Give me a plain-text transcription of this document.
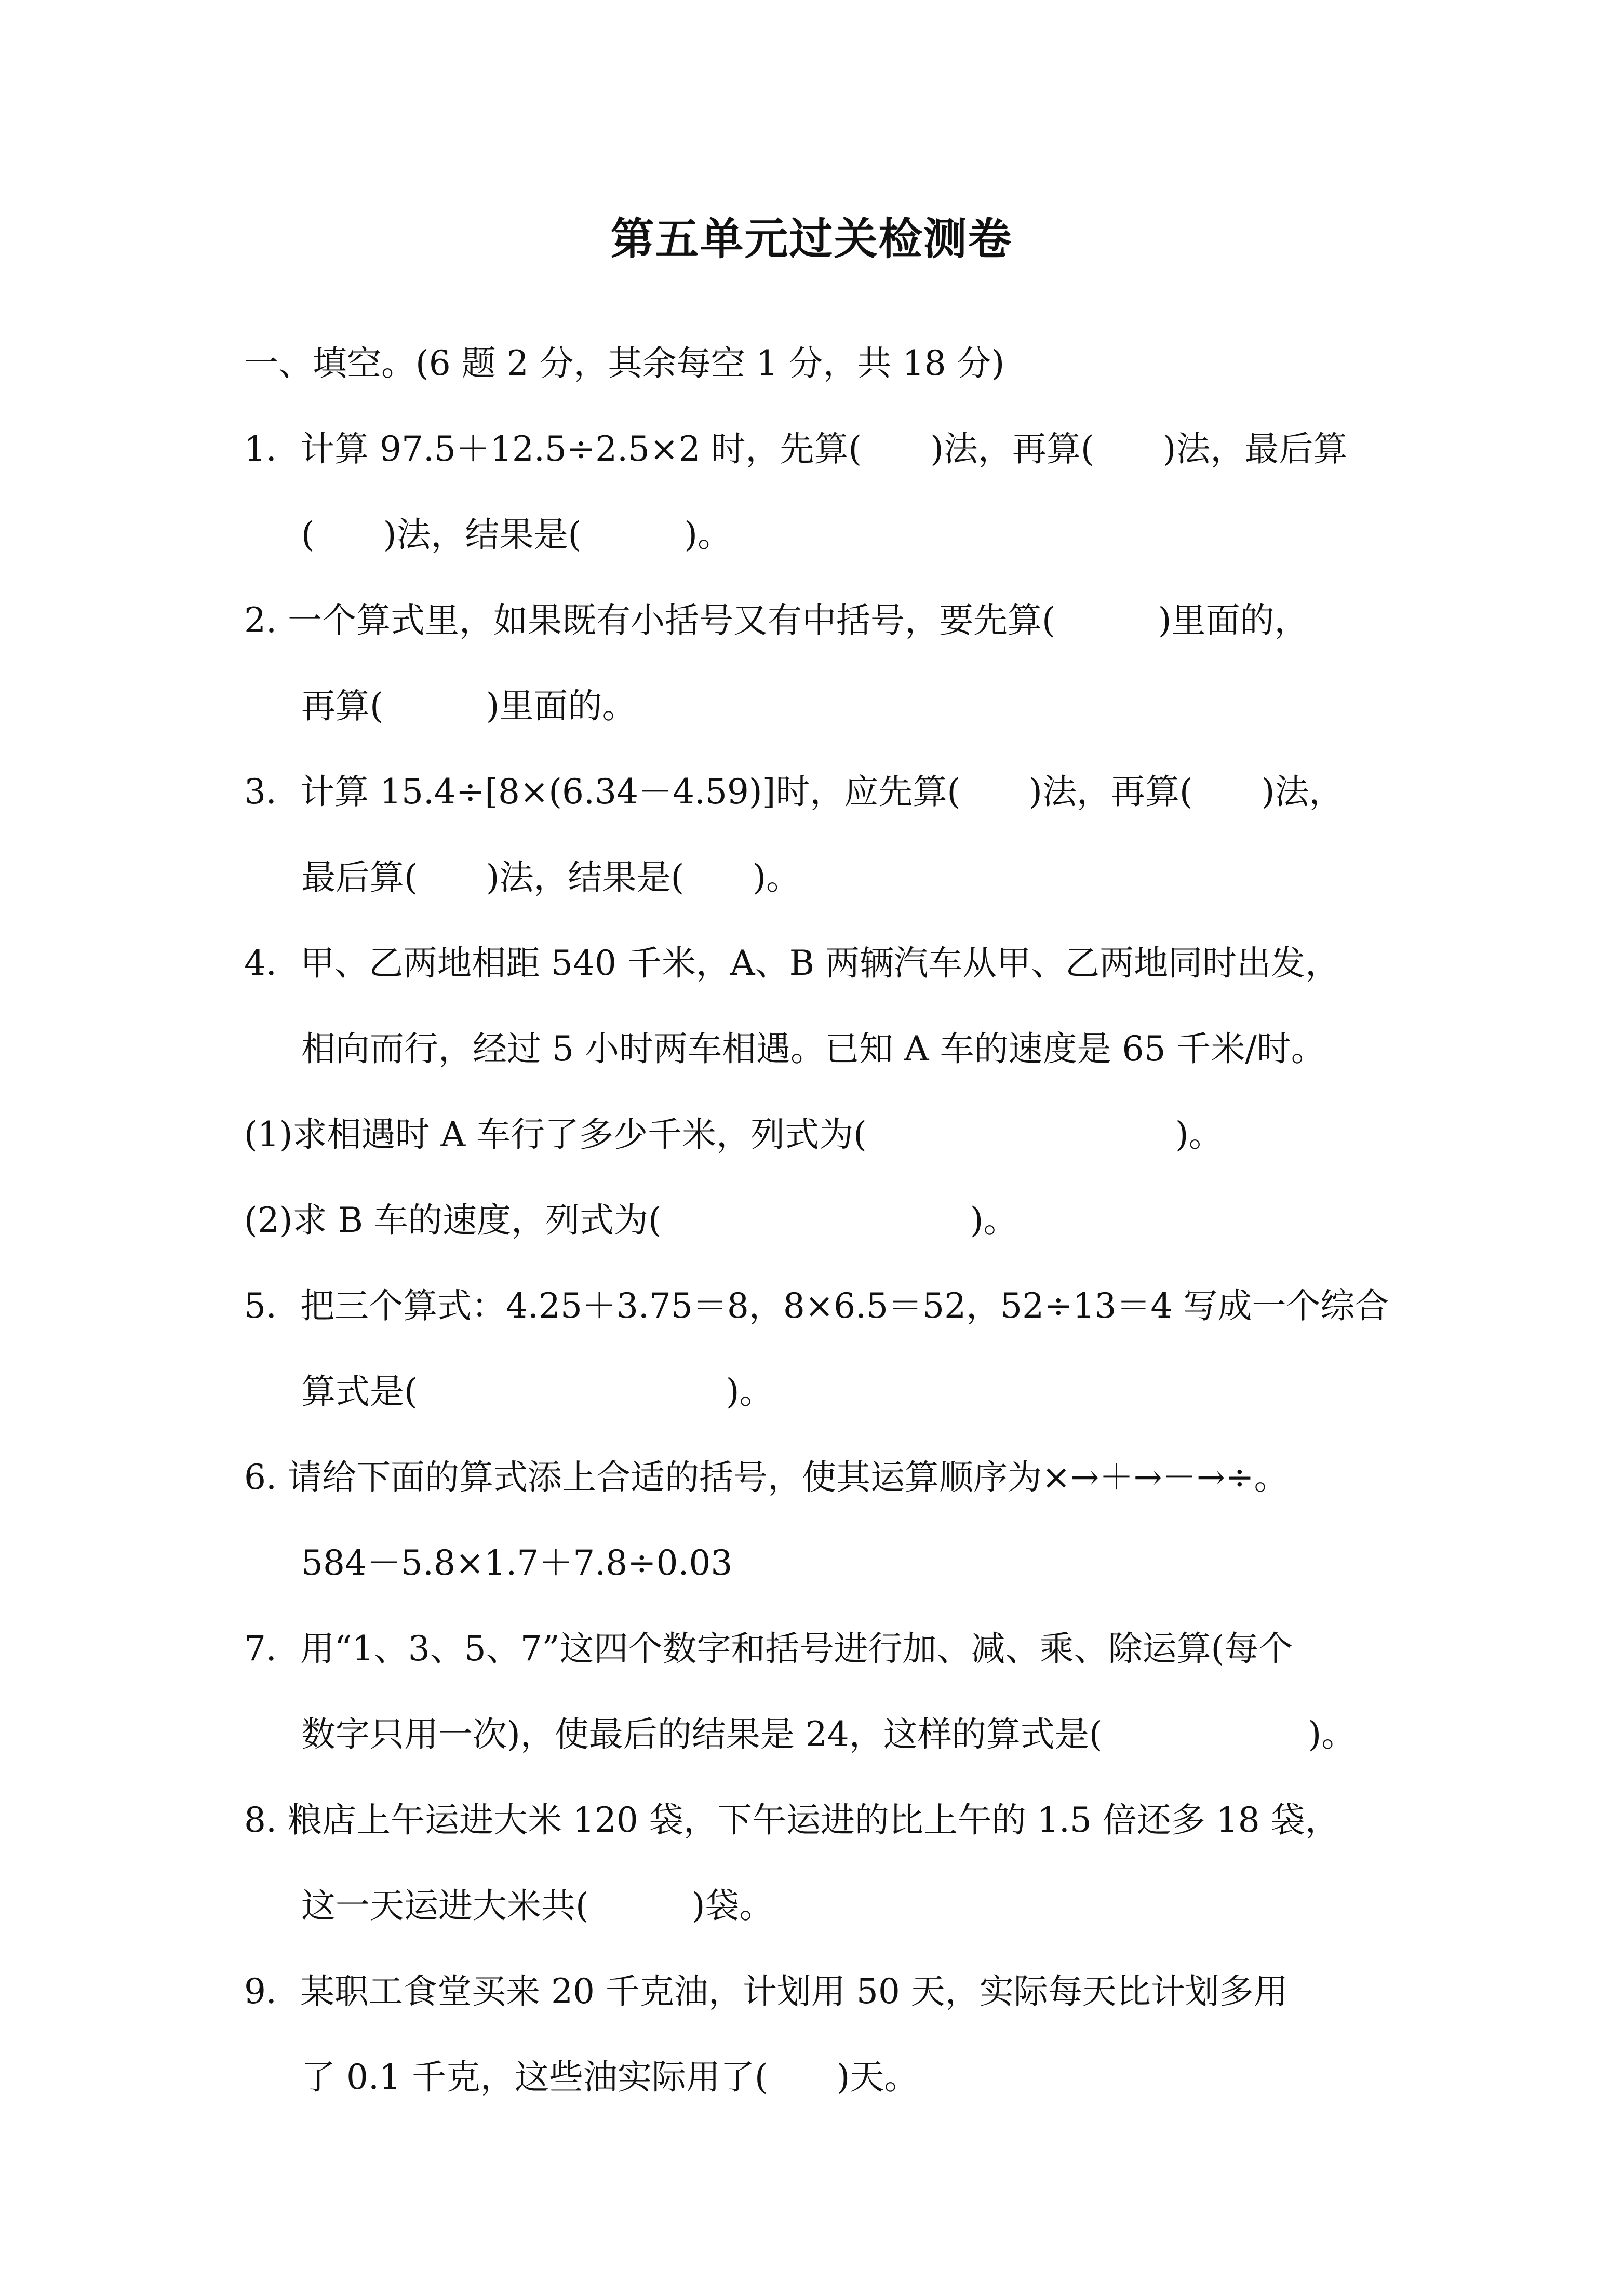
第五单元过关检测卷
一、填空。(6 题 2 分，其余每空 1 分，共 18 分)
1．计算 97.5＋12.5÷2.5×2 时，先算(　　)法，再算(　　)法，最后算
(　　)法，结果是(　　　)。
2. 一个算式里，如果既有小括号又有中括号，要先算(　　　)里面的，
再算(　　　)里面的。
3．计算 15.4÷[8×(6.34－4.59)]时，应先算(　　)法，再算(　　)法，
最后算(　　)法，结果是(　　)。
4．甲、乙两地相距 540 千米，A、B 两辆汽车从甲、乙两地同时出发，
相向而行，经过 5 小时两车相遇。已知 A 车的速度是 65 千米/时。
(1)求相遇时 A 车行了多少千米，列式为(　　　　　　　　　)。
(2)求 B 车的速度，列式为(　　　　　　　　　)。
5．把三个算式：4.25＋3.75＝8，8×6.5＝52，52÷13＝4 写成一个综合
算式是(　　　　　　　　　)。
6. 请给下面的算式添上合适的括号，使其运算顺序为×→＋→－→÷。
584－5.8×1.7＋7.8÷0.03
7．用“1、3、5、7”这四个数字和括号进行加、减、乘、除运算(每个
数字只用一次)，使最后的结果是 24，这样的算式是(　　　　　　)。
8. 粮店上午运进大米 120 袋，下午运进的比上午的 1.5 倍还多 18 袋，
这一天运进大米共(　　　)袋。
9．某职工食堂买来 20 千克油，计划用 50 天，实际每天比计划多用
了 0.1 千克，这些油实际用了(　　)天。
